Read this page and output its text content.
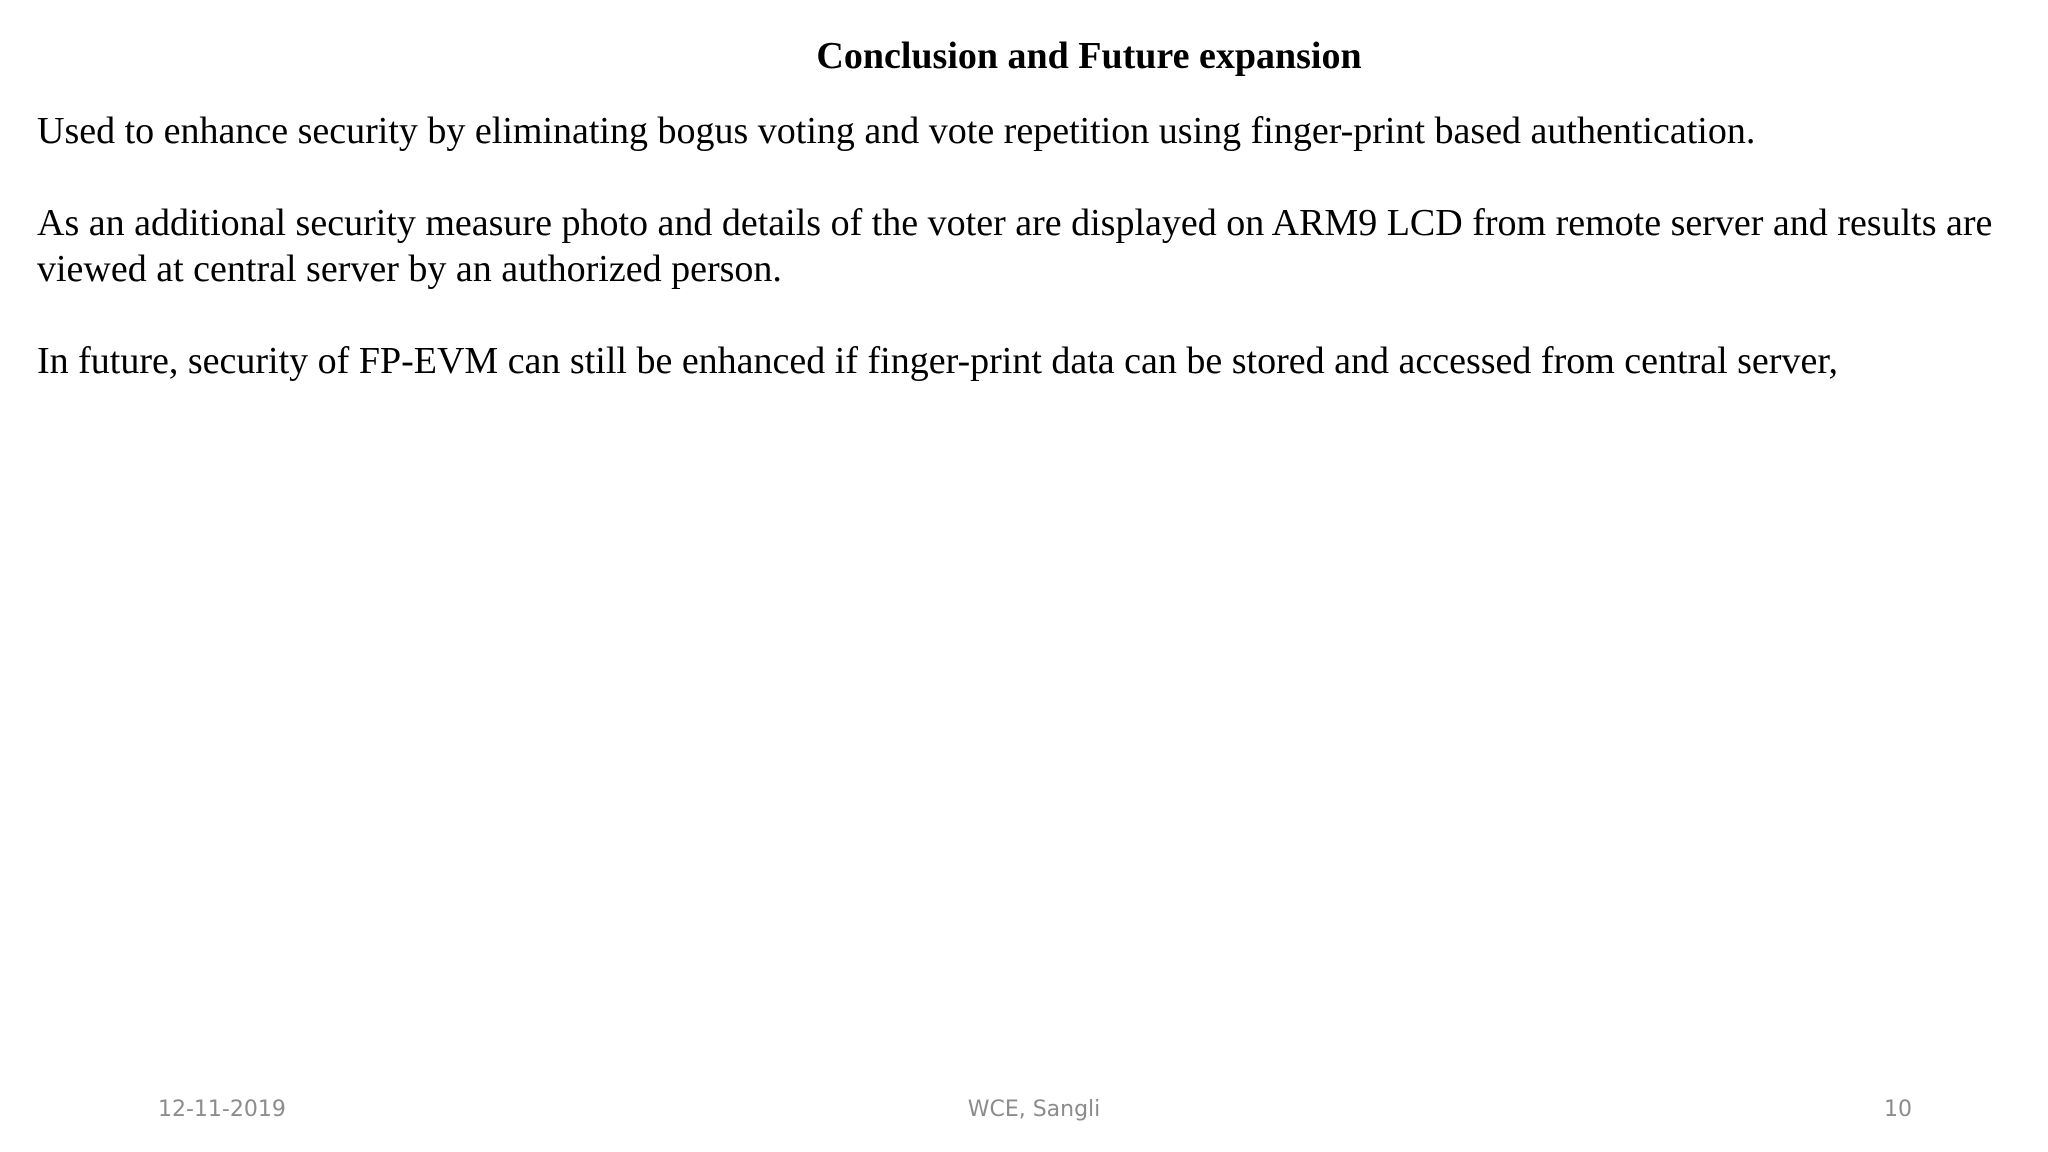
Conclusion and Future expansion

Used to enhance security by eliminating bogus voting and vote repetition using finger-print based authentication.

As an additional security measure photo and details of the voter are displayed on ARM9 LCD from remote server and results are viewed at central server by an authorized person.

In future, security of FP-EVM can still be enhanced if finger-print data can be stored and accessed from central server,

12-11-2019	WCE, Sangli	10
